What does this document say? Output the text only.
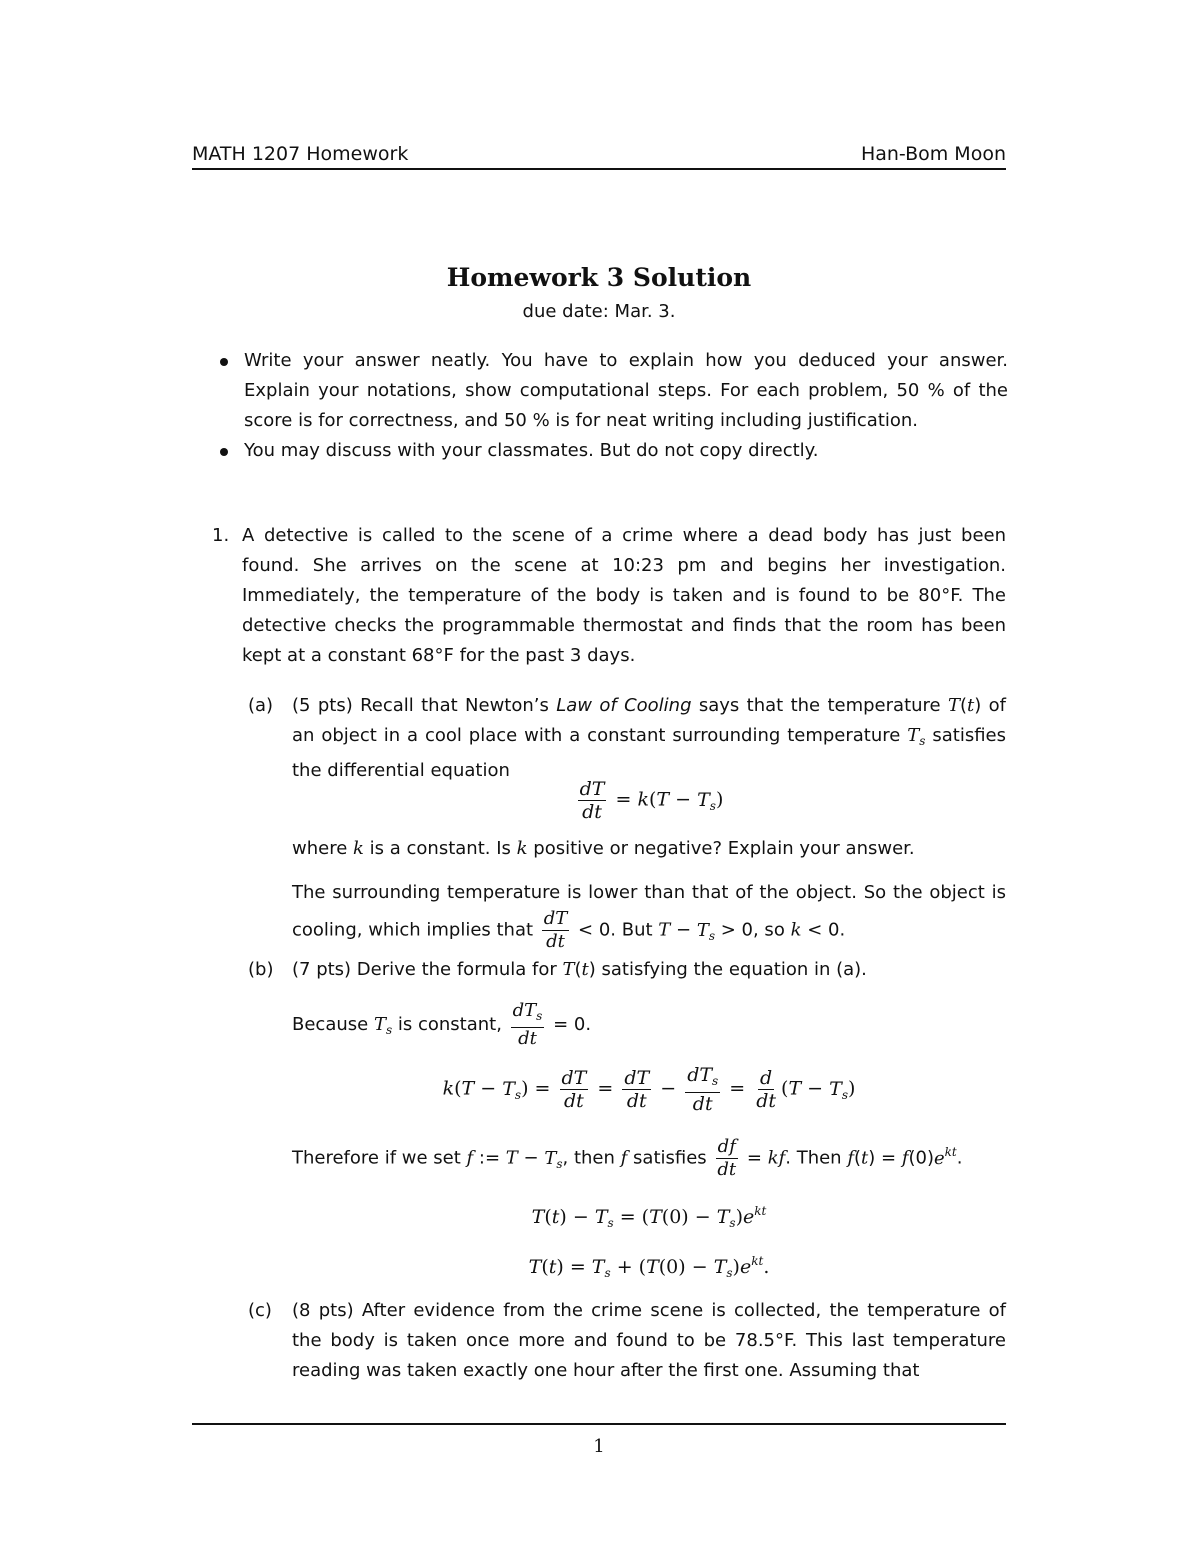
MATH 1207 Homework	Han-Bom Moon
Homework 3 Solution
due date: Mar. 3.
Write your answer neatly. You have to explain how you deduced your answer. Explain your notations, show computational steps. For each problem, 50 % of the score is for correctness, and 50 % is for neat writing including justification.
You may discuss with your classmates. But do not copy directly.
1. A detective is called to the scene of a crime where a dead body has just been found. She arrives on the scene at 10:23 pm and begins her investigation. Immediately, the temperature of the body is taken and is found to be 80°F. The detective checks the programmable thermostat and finds that the room has been kept at a constant 68°F for the past 3 days.
(a) (5 pts) Recall that Newton’s Law of Cooling says that the temperature T(t) of an object in a cool place with a constant surrounding temperature $T_s$ satisfies the differential equation
$\frac{dT}{dt} = k(T - T_s)$
where k is a constant. Is k positive or negative? Explain your answer.
The surrounding temperature is lower than that of the object. So the object is cooling, which implies that $\frac{dT}{dt} < 0$. But $T - T_s > 0$, so k < 0.
(b) (7 pts) Derive the formula for T(t) satisfying the equation in (a).
Because $T_s$ is constant, $\frac{dT_s}{dt} = 0$.
$k(T - T_s) = \frac{dT}{dt} = \frac{dT}{dt} - \frac{dT_s}{dt} = \frac{d}{dt} (T - T_s)$
Therefore if we set f := $T - T_s$, then f satisfies $\frac{df}{dt}$ = kf. Then $f(t) = f(0)e^{kt}$.
$T(t) - T_s = (T(0) - T_s)e^{kt}$
$T(t) = T_s + (T(0) - T_s)e^{kt}$.
(c) (8 pts) After evidence from the crime scene is collected, the temperature of the body is taken once more and found to be 78.5°F. This last temperature reading was taken exactly one hour after the first one. Assuming that
1
